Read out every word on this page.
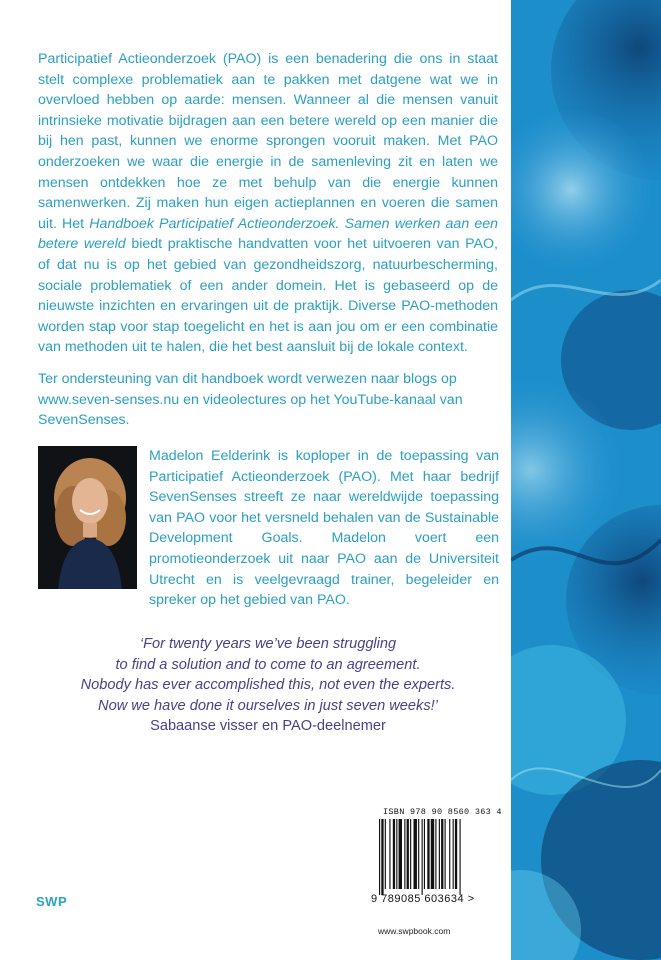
Participatief Actieonderzoek (PAO) is een benadering die ons in staat stelt complexe problematiek aan te pakken met datgene wat we in overvloed hebben op aarde: mensen. Wanneer al die mensen vanuit intrinsieke motivatie bijdragen aan een betere wereld op een manier die bij hen past, kunnen we enorme sprongen vooruit maken. Met PAO onderzoeken we waar die energie in de samenleving zit en laten we mensen ontdekken hoe ze met behulp van die energie kunnen samenwerken. Zij maken hun eigen actieplannen en voeren die samen uit. Het Handboek Participatief Actieonderzoek. Samen werken aan een betere wereld biedt praktische handvatten voor het uitvoeren van PAO, of dat nu is op het gebied van gezondheidszorg, natuurbescherming, sociale problematiek of een ander domein. Het is gebaseerd op de nieuwste inzichten en ervaringen uit de praktijk. Diverse PAO-methoden worden stap voor stap toegelicht en het is aan jou om er een combinatie van methoden uit te halen, die het best aansluit bij de lokale context.
Ter ondersteuning van dit handboek wordt verwezen naar blogs op www.seven-senses.nu en videolectures op het YouTube-kanaal van SevenSenses.
Madelon Eelderink is koploper in de toepassing van Participatief Actieonderzoek (PAO). Met haar bedrijf SevenSenses streeft ze naar wereldwijde toepassing van PAO voor het versneld behalen van de Sustainable Development Goals. Madelon voert een promotieonderzoek uit naar PAO aan de Universiteit Utrecht en is veelgevraagd trainer, begeleider en spreker op het gebied van PAO.
‘For twenty years we’ve been struggling
to find a solution and to come to an agreement.
Nobody has ever accomplished this, not even the experts.
Now we have done it ourselves in just seven weeks!’
Sabaanse visser en PAO-deelnemer
SWP
ISBN 978 90 8560 363 4
9 789085 603634 >
www.swpbook.com
